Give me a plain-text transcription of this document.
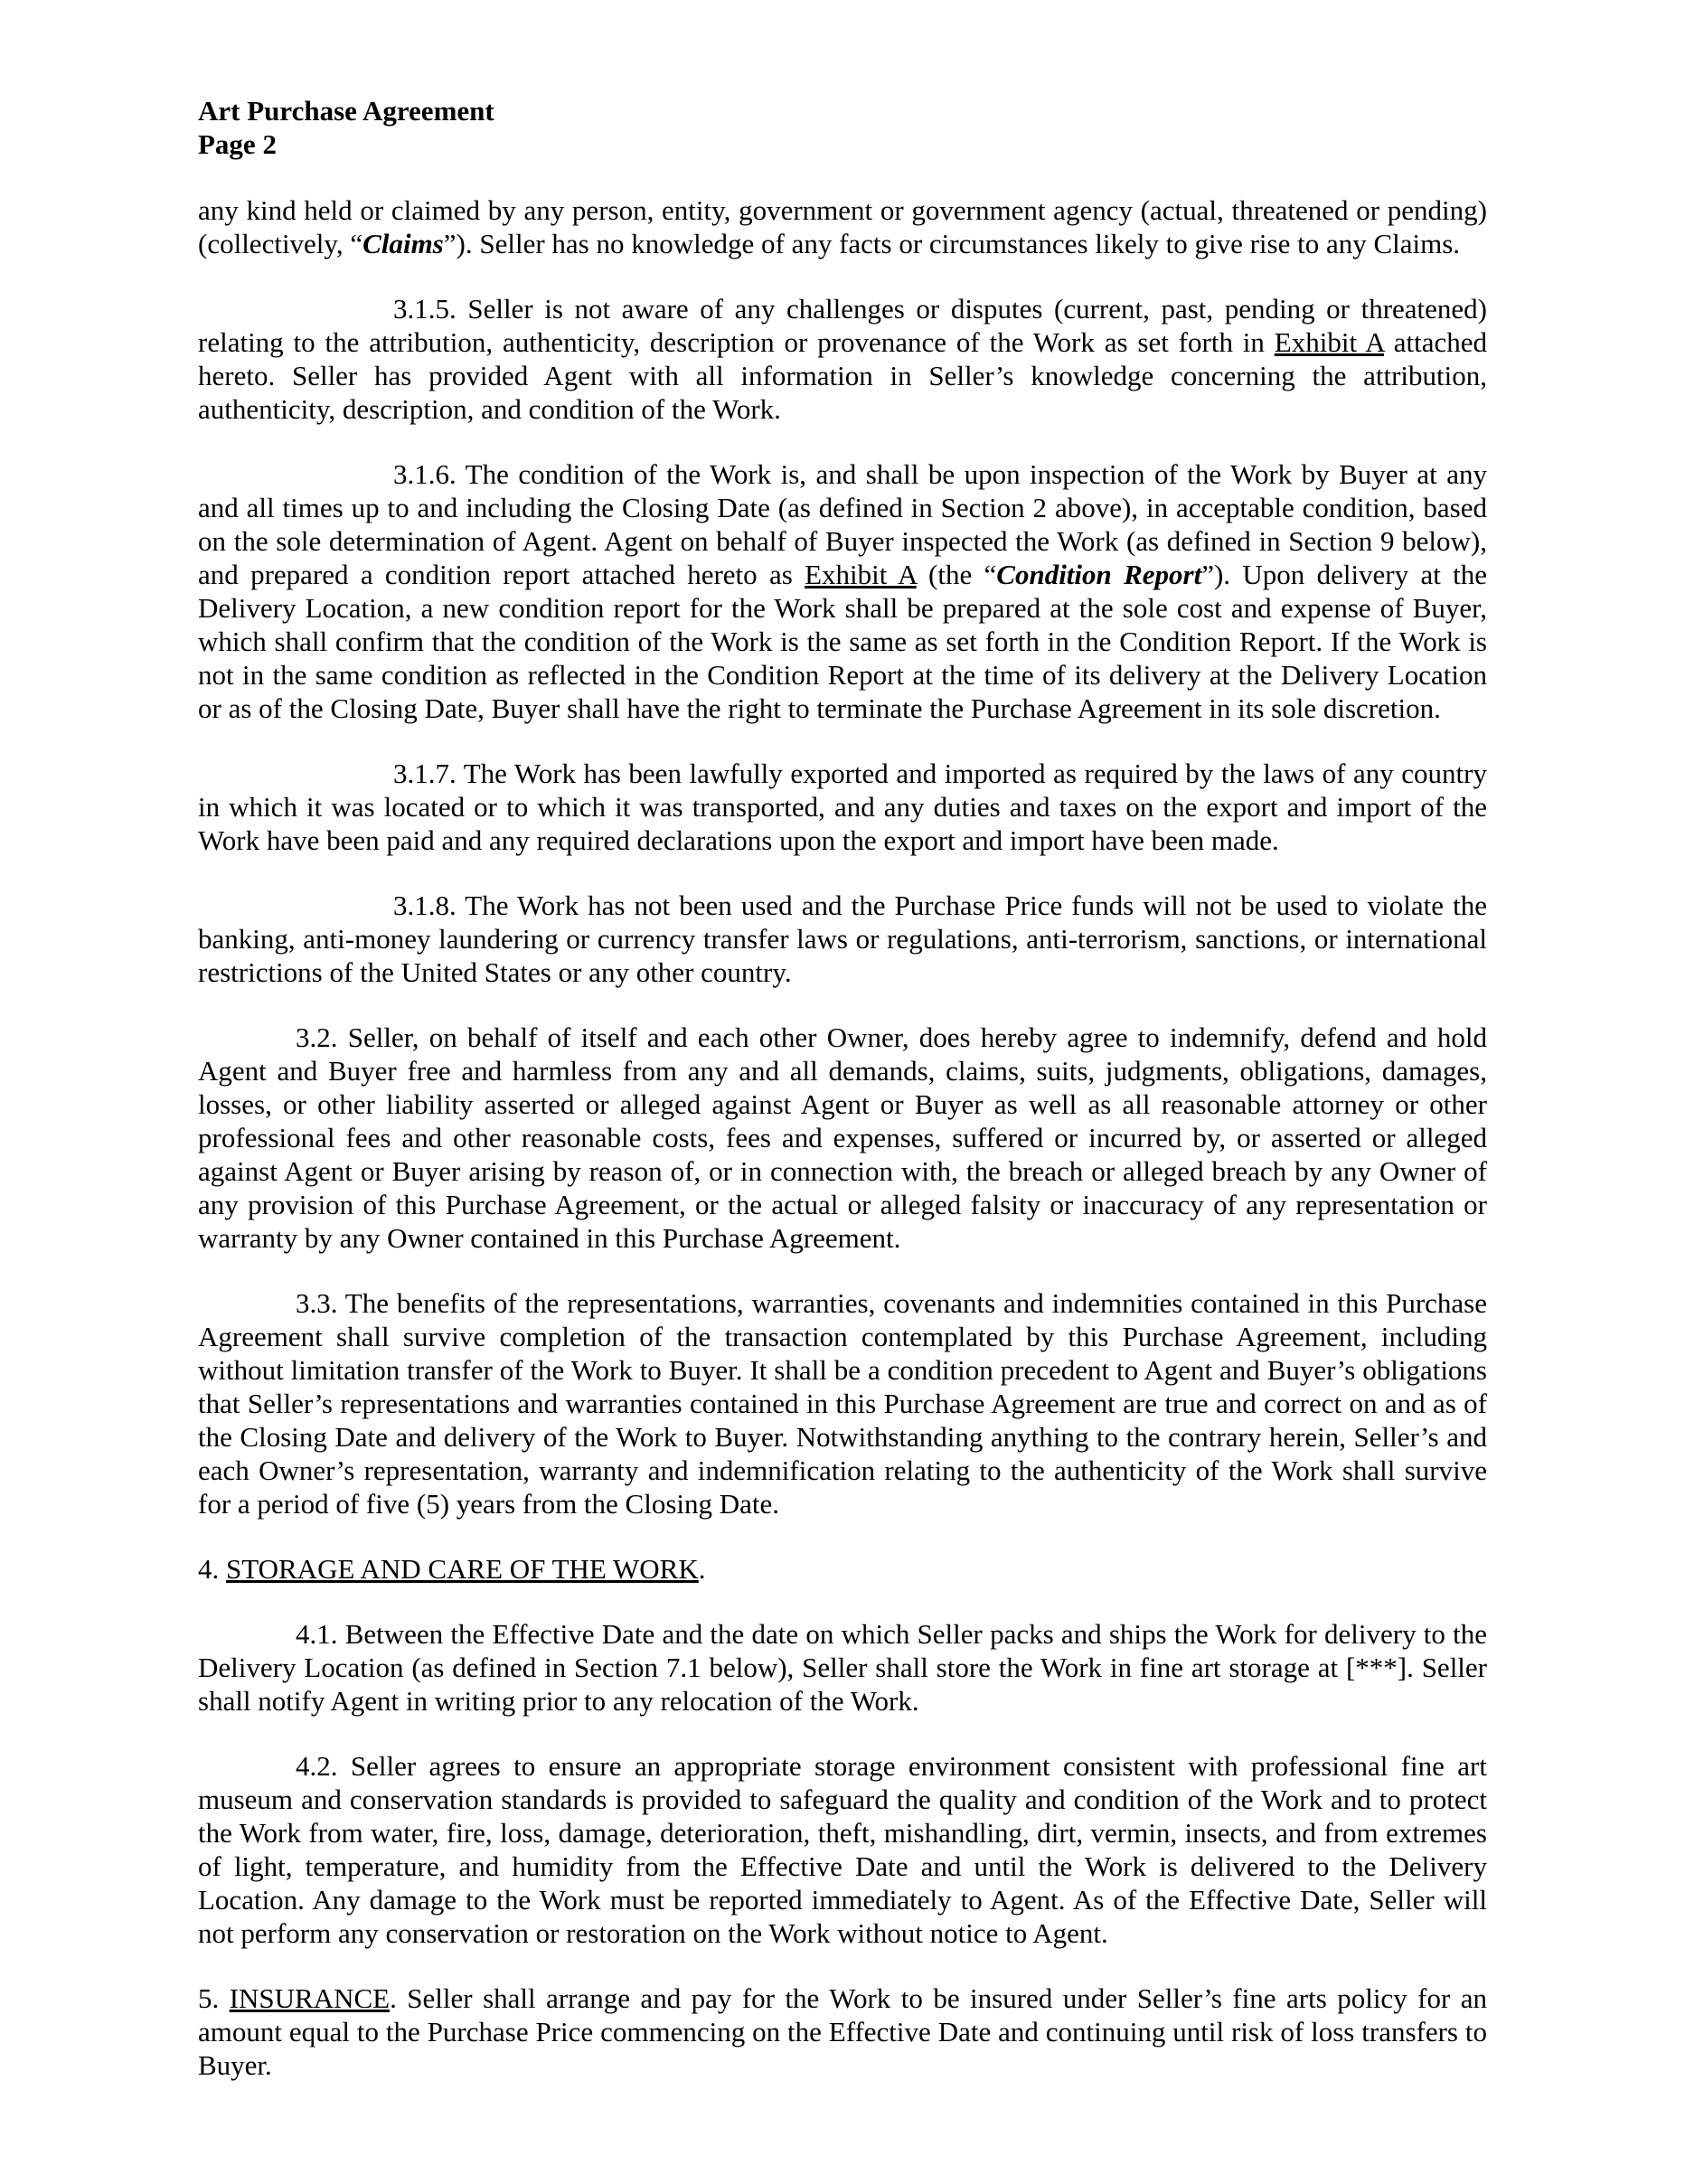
Art Purchase Agreement
Page 2

any kind held or claimed by any person, entity, government or government agency (actual, threatened or pending) (collectively, “Claims”). Seller has no knowledge of any facts or circumstances likely to give rise to any Claims.

3.1.5. Seller is not aware of any challenges or disputes (current, past, pending or threatened) relating to the attribution, authenticity, description or provenance of the Work as set forth in Exhibit A attached hereto. Seller has provided Agent with all information in Seller’s knowledge concerning the attribution, authenticity, description, and condition of the Work.

3.1.6. The condition of the Work is, and shall be upon inspection of the Work by Buyer at any and all times up to and including the Closing Date (as defined in Section 2 above), in acceptable condition, based on the sole determination of Agent. Agent on behalf of Buyer inspected the Work (as defined in Section 9 below), and prepared a condition report attached hereto as Exhibit A (the “Condition Report”). Upon delivery at the Delivery Location, a new condition report for the Work shall be prepared at the sole cost and expense of Buyer, which shall confirm that the condition of the Work is the same as set forth in the Condition Report. If the Work is not in the same condition as reflected in the Condition Report at the time of its delivery at the Delivery Location or as of the Closing Date, Buyer shall have the right to terminate the Purchase Agreement in its sole discretion.

3.1.7. The Work has been lawfully exported and imported as required by the laws of any country in which it was located or to which it was transported, and any duties and taxes on the export and import of the Work have been paid and any required declarations upon the export and import have been made.

3.1.8. The Work has not been used and the Purchase Price funds will not be used to violate the banking, anti-money laundering or currency transfer laws or regulations, anti-terrorism, sanctions, or international restrictions of the United States or any other country.

3.2. Seller, on behalf of itself and each other Owner, does hereby agree to indemnify, defend and hold Agent and Buyer free and harmless from any and all demands, claims, suits, judgments, obligations, damages, losses, or other liability asserted or alleged against Agent or Buyer as well as all reasonable attorney or other professional fees and other reasonable costs, fees and expenses, suffered or incurred by, or asserted or alleged against Agent or Buyer arising by reason of, or in connection with, the breach or alleged breach by any Owner of any provision of this Purchase Agreement, or the actual or alleged falsity or inaccuracy of any representation or warranty by any Owner contained in this Purchase Agreement.

3.3. The benefits of the representations, warranties, covenants and indemnities contained in this Purchase Agreement shall survive completion of the transaction contemplated by this Purchase Agreement, including without limitation transfer of the Work to Buyer. It shall be a condition precedent to Agent and Buyer’s obligations that Seller’s representations and warranties contained in this Purchase Agreement are true and correct on and as of the Closing Date and delivery of the Work to Buyer. Notwithstanding anything to the contrary herein, Seller’s and each Owner’s representation, warranty and indemnification relating to the authenticity of the Work shall survive for a period of five (5) years from the Closing Date.

4. STORAGE AND CARE OF THE WORK.

4.1. Between the Effective Date and the date on which Seller packs and ships the Work for delivery to the Delivery Location (as defined in Section 7.1 below), Seller shall store the Work in fine art storage at [***]. Seller shall notify Agent in writing prior to any relocation of the Work.

4.2. Seller agrees to ensure an appropriate storage environment consistent with professional fine art museum and conservation standards is provided to safeguard the quality and condition of the Work and to protect the Work from water, fire, loss, damage, deterioration, theft, mishandling, dirt, vermin, insects, and from extremes of light, temperature, and humidity from the Effective Date and until the Work is delivered to the Delivery Location. Any damage to the Work must be reported immediately to Agent. As of the Effective Date, Seller will not perform any conservation or restoration on the Work without notice to Agent.

5. INSURANCE. Seller shall arrange and pay for the Work to be insured under Seller’s fine arts policy for an amount equal to the Purchase Price commencing on the Effective Date and continuing until risk of loss transfers to Buyer.
